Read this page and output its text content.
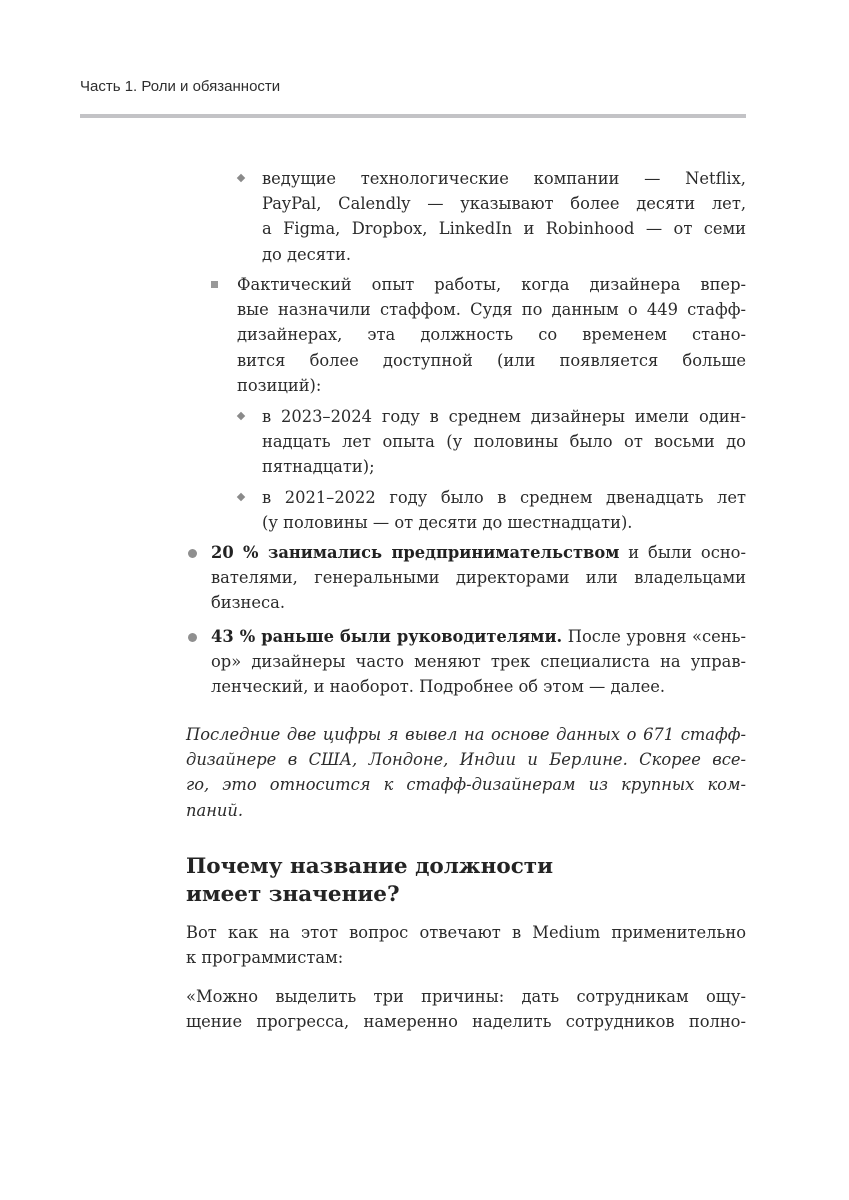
Часть 1. Роли и обязанности
ведущие технологические компании — Netflix,
PayPal, Calendly — указывают более десяти лет,
а Figma, Dropbox, LinkedIn и Robinhood — от семи
до десяти.
Фактический опыт работы, когда дизайнера впер-
вые назначили стаффом. Судя по данным о 449 стафф-
дизайнерах, эта должность со временем стано-
вится более доступной (или появляется больше
позиций):
в 2023–2024 году в среднем дизайнеры имели один-
надцать лет опыта (у половины было от восьми до
пятнадцати);
в 2021–2022 году было в среднем двенадцать лет
(у половины — от десяти до шестнадцати).
20 % занимались предпринимательством и были осно-
вателями, генеральными директорами или владельцами
бизнеса.
43 % раньше были руководителями. После уровня «сень-
ор» дизайнеры часто меняют трек специалиста на управ-
ленческий, и наоборот. Подробнее об этом — далее.
Последние две цифры я вывел на основе данных о 671 стафф-
дизайнере в США, Лондоне, Индии и Берлине. Скорее все-
го, это относится к стафф-дизайнерам из крупных ком-
паний.
Почему название должности
имеет значение?
Вот как на этот вопрос отвечают в Medium применительно
к программистам:
«Можно выделить три причины: дать сотрудникам ощу-
щение прогресса, намеренно наделить сотрудников полно-
